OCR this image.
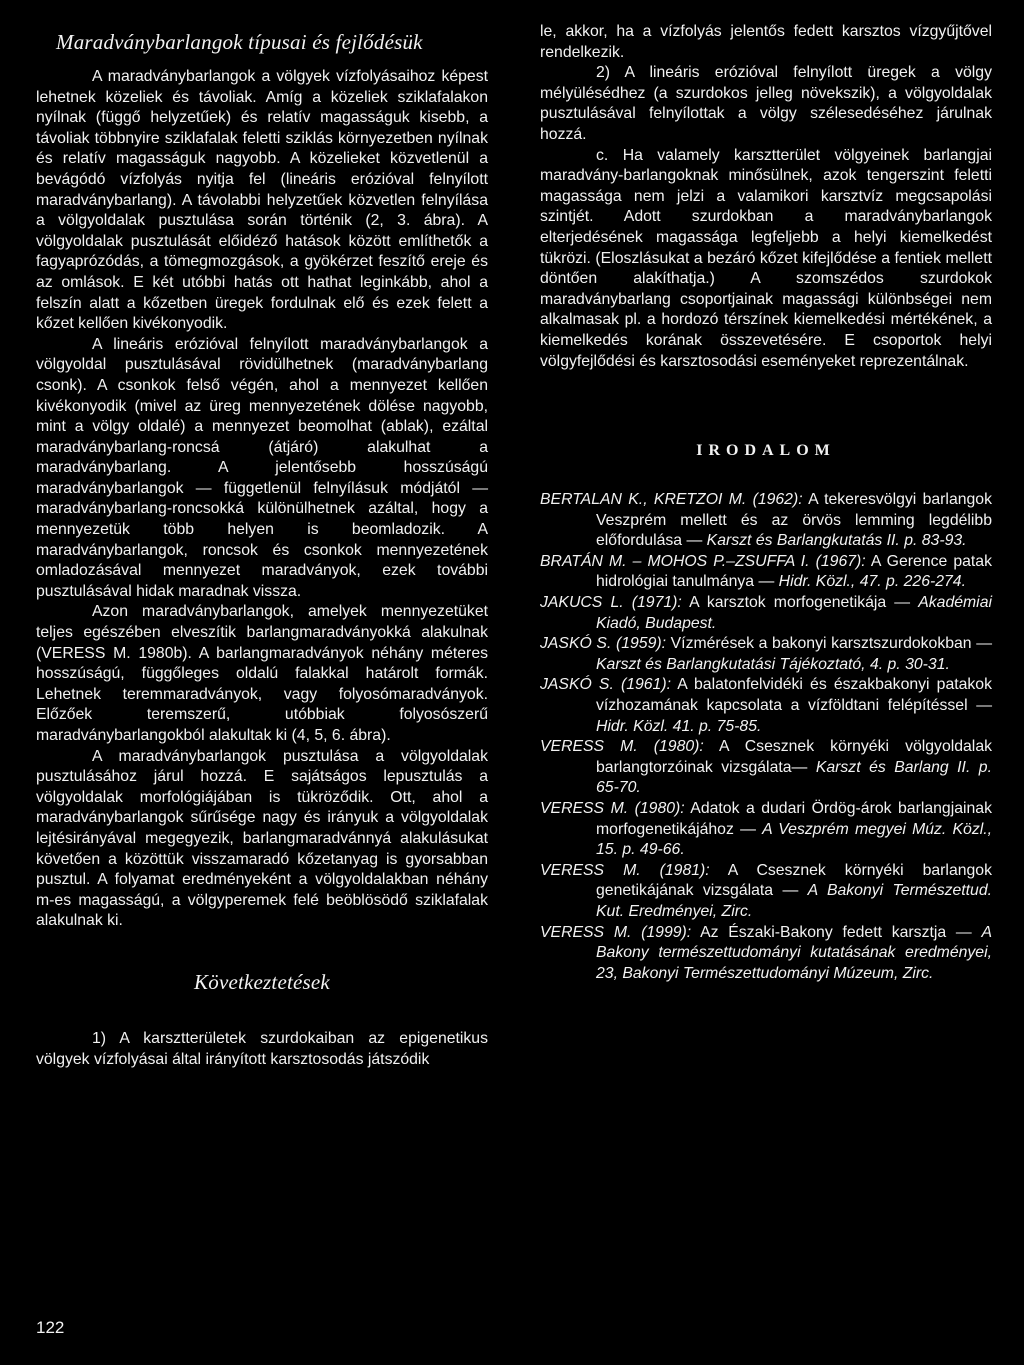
Maradványbarlangok típusai és fejlődésük

A maradványbarlangok a völgyek vízfolyásaihoz képest lehetnek közeliek és távoliak. Amíg a közeliek sziklafalakon nyílnak (függő helyzetűek) és relatív magasságuk kisebb, a távoliak többnyire sziklafalak feletti sziklás környezetben nyílnak és relatív magasságuk nagyobb. A közelieket közvetlenül a bevágódó vízfolyás nyitja fel (lineáris erózióval felnyílott maradványbarlang). A távolabbi helyzetűek közvetlen felnyílása a völgyoldalak pusztulása során történik (2, 3. ábra). A völgyoldalak pusztulását előidéző hatások között említhetők a fagyaprózódás, a tömegmozgások, a gyökérzet feszítő ereje és az omlások. E két utóbbi hatás ott hathat leginkább, ahol a felszín alatt a kőzetben üregek fordulnak elő és ezek felett a kőzet kellően kivékonyodik.

A lineáris erózióval felnyílott maradványbarlangok a völgyoldal pusztulásával rövidülhetnek (maradványbarlang csonk). A csonkok felső végén, ahol a mennyezet kellően kivékonyodik (mivel az üreg mennyezetének dölése nagyobb, mint a völgy oldalé) a mennyezet beomolhat (ablak), ezáltal maradványbarlang-roncsá (átjáró) alakulhat a maradványbarlang. A jelentősebb hosszúságú maradványbarlangok — függetlenül felnyílásuk módjától — maradványbarlang-roncsokká különülhetnek azáltal, hogy a mennyezetük több helyen is beomladozik. A maradványbarlangok, roncsok és csonkok mennyezetének omladozásával mennyezet maradványok, ezek további pusztulásával hidak maradnak vissza.

Azon maradványbarlangok, amelyek mennyezetüket teljes egészében elveszítik barlangmaradványokká alakulnak (VERESS M. 1980b). A barlangmaradványok néhány méteres hosszúságú, függőleges oldalú falakkal határolt formák. Lehetnek teremmaradványok, vagy folyosómaradványok. Előzőek teremszerű, utóbbiak folyosószerű maradványbarlangokból alakultak ki (4, 5, 6. ábra).

A maradványbarlangok pusztulása a völgyoldalak pusztulásához járul hozzá. E sajátságos lepusztulás a völgyoldalak morfológiájában is tükröződik. Ott, ahol a maradványbarlangok sűrűsége nagy és irányuk a völgyoldalak lejtésirányával megegyezik, barlangmaradvánnyá alakulásukat követően a közöttük visszamaradó kőzetanyag is gyorsabban pusztul. A folyamat eredményeként a völgyoldalakban néhány m-es magasságú, a völgyperemek felé beöblösödő sziklafalak alakulnak ki.

Következtetések

1) A karsztterületek szurdokaiban az epigenetikus völgyek vízfolyásai által irányított karsztosodás játszódik

le, akkor, ha a vízfolyás jelentős fedett karsztos vízgyűjtővel rendelkezik.

2) A lineáris erózióval felnyílott üregek a völgy mélyülésédhez (a szurdokos jelleg növekszik), a völgyoldalak pusztulásával felnyílottak a völgy szélesedéséhez járulnak hozzá.

c. Ha valamely karsztterület völgyeinek barlangjai maradvány-barlangoknak minősülnek, azok tengerszint feletti magassága nem jelzi a valamikori karsztvíz megcsapolási szintjét. Adott szurdokban a maradványbarlangok elterjedésének magassága legfeljebb a helyi kiemelkedést tükrözi. (Eloszlásukat a bezáró kőzet kifejlődése a fentiek mellett döntően alakíthatja.) A szomszédos szurdokok maradványbarlang csoportjainak magassági különbségei nem alkalmasak pl. a hordozó térszínek kiemelkedési mértékének, a kiemelkedés korának összevetésére. E csoportok helyi völgyfejlődési és karsztosodási eseményeket reprezentálnak.

IRODALOM

BERTALAN K., KRETZOI M. (1962): A tekeresvölgyi barlangok Veszprém mellett és az örvös lemming legdélibb előfordulása — Karszt és Barlangkutatás II. p. 83-93.

BRATÁN M. – MOHOS P.–ZSUFFA I. (1967): A Gerence patak hidrológiai tanulmánya — Hidr. Közl., 47. p. 226-274.

JAKUCS L. (1971): A karsztok morfogenetikája — Akadémiai Kiadó, Budapest.

JASKÓ S. (1959): Vízmérések a bakonyi karsztszurdokokban — Karszt és Barlangkutatási Tájékoztató, 4. p. 30-31.

JASKÓ S. (1961): A balatonfelvidéki és északbakonyi patakok vízhozamának kapcsolata a vízföldtani felépítéssel — Hidr. Közl. 41. p. 75-85.

VERESS M. (1980): A Csesznek környéki völgyoldalak barlangtorzóinak vizsgálata— Karszt és Barlang II. p. 65-70.

VERESS M. (1980): Adatok a dudari Ördög-árok barlangjainak morfogenetikájához — A Veszprém megyei Múz. Közl., 15. p. 49-66.

VERESS M. (1981): A Csesznek környéki barlangok genetikájának vizsgálata — A Bakonyi Természettud. Kut. Eredményei, Zirc.

VERESS M. (1999): Az Északi-Bakony fedett karsztja — A Bakony természettudományi kutatásának eredményei, 23, Bakonyi Természettudományi Múzeum, Zirc.

122
